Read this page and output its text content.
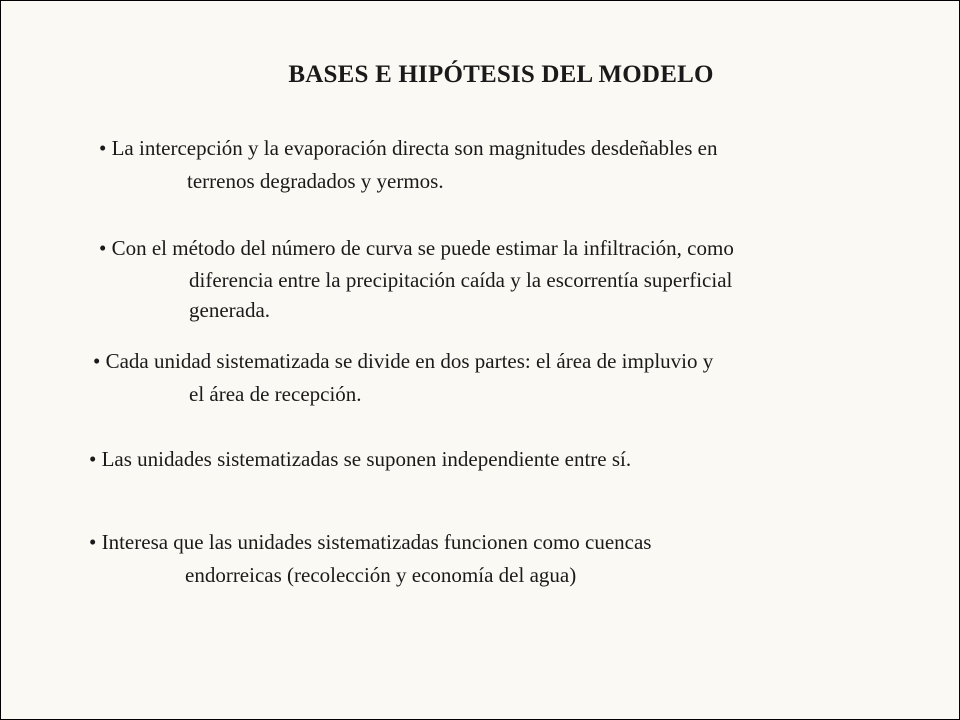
BASES E HIPÓTESIS DEL MODELO
• La intercepción y la evaporación directa son magnitudes desdeñables en
terrenos degradados y yermos.
• Con el método del número de curva se puede estimar la infiltración, como
diferencia entre la precipitación caída y la escorrentía superficial
generada.
• Cada unidad sistematizada se divide en dos partes: el área de impluvio y
el área de recepción.
• Las unidades sistematizadas se suponen independiente entre sí.
• Interesa que las unidades sistematizadas funcionen como cuencas
endorreicas (recolección y economía del agua)
